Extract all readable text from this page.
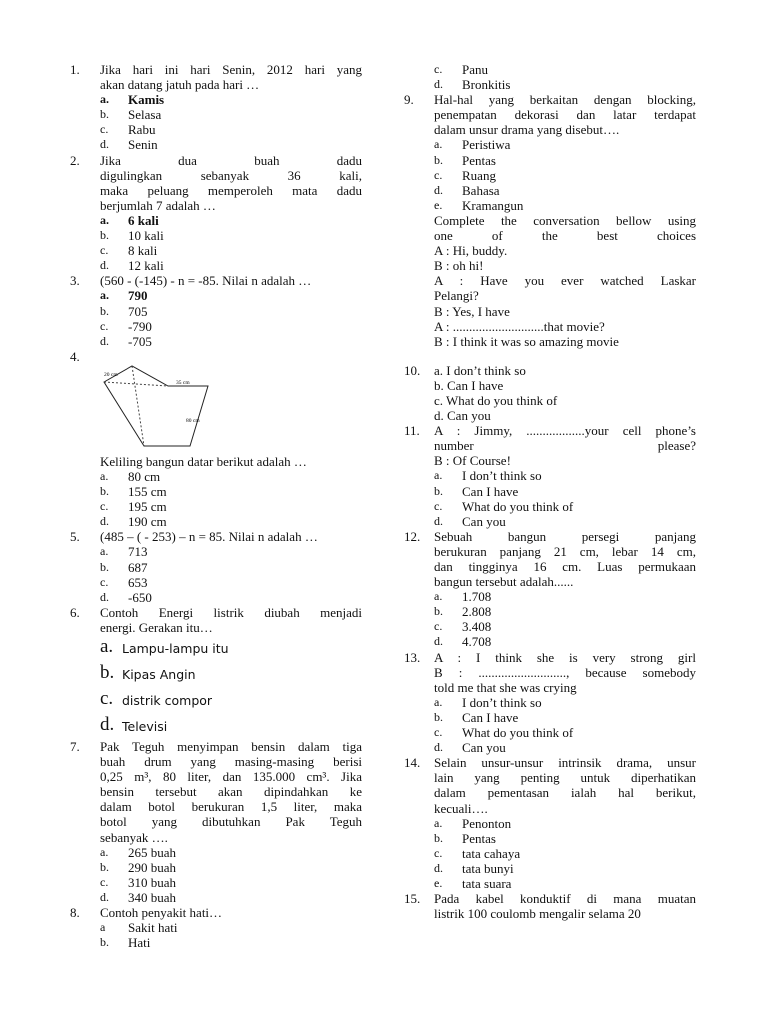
1.	Jika hari ini hari Senin, 2012 hari yang
akan datang jatuh pada hari …
a.	Kamis
b.	Selasa
c.	Rabu
d.	Senin
2.	Jika dua buah dadu
digulingkan sebanyak 36 kali,
maka peluang memperoleh mata dadu
berjumlah 7 adalah …
a.	6 kali
b.	10 kali
c.	8 kali
d.	12 kali
3.	(560 - (-145) - n = -85. Nilai n adalah …
a.	790
b.	705
c.	-790
d.	-705
4.
20 cm
35 cm
80 cm
Keliling bangun datar berikut adalah …
a.	80 cm
b.	155 cm
c.	195 cm
d.	190 cm
5.	(485 – ( - 253) – n = 85. Nilai n adalah …
a.	713
b.	687
c.	653
d.	-650
6.	Contoh Energi listrik diubah menjadi
energi. Gerakan itu…
a. Lampu-lampu itu
b. Kipas Angin
c. distrik compor
d. Televisi
7.	Pak Teguh menyimpan bensin dalam tiga
buah drum yang masing-masing berisi
0,25 m³, 80 liter, dan 135.000 cm³. Jika
bensin tersebut akan dipindahkan ke
dalam botol berukuran 1,5 liter, maka
botol yang dibutuhkan Pak Teguh
sebanyak ….
a.	265 buah
b.	290 buah
c.	310 buah
d.	340 buah
8.	Contoh penyakit hati…
a	Sakit hati
b.	Hati
c.	Panu
d.	Bronkitis
9.	Hal-hal yang berkaitan dengan blocking,
penempatan dekorasi dan latar terdapat
dalam unsur drama yang disebut….
a.	Peristiwa
b.	Pentas
c.	Ruang
d.	Bahasa
e.	Kramangun
Complete the conversation bellow using
one of the best choices
A : Hi, buddy.
B : oh hi!
A : Have you ever watched Laskar
Pelangi?
B : Yes, I have
A : ............................that movie?
B : I think it was so amazing movie
10.	a. I don’t think so
b. Can I have
c. What do you think of
d. Can you
11.	A : Jimmy, ..................your cell phone’s
number please?
B : Of Course!
a.	I don’t think so
b.	Can I have
c.	What do you think of
d.	Can you
12.	Sebuah bangun persegi panjang
berukuran panjang 21 cm, lebar 14 cm,
dan tingginya 16 cm. Luas permukaan
bangun tersebut adalah......
a.	1.708
b.	2.808
c.	3.408
d.	4.708
13.	A : I think she is very strong girl
B : ..........................., because somebody
told me that she was crying
a.	I don’t think so
b.	Can I have
c.	What do you think of
d.	Can you
14.	Selain unsur-unsur intrinsik drama, unsur
lain yang penting untuk diperhatikan
dalam pementasan ialah hal berikut,
kecuali….
a.	Penonton
b.	Pentas
c.	tata cahaya
d.	tata bunyi
e.	tata suara
15.	Pada kabel konduktif di mana muatan
listrik 100 coulomb mengalir selama 20
